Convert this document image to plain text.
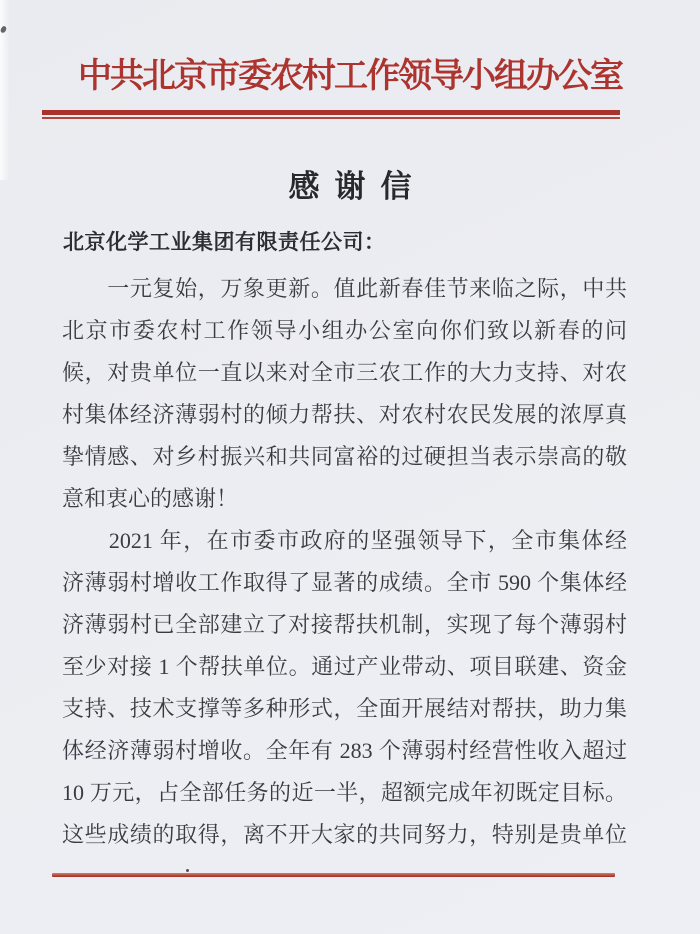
中共北京市委农村工作领导小组办公室
感谢信
北京化学工业集团有限责任公司：
　　一元复始，万象更新。值此新春佳节来临之际，中共
北京市委农村工作领导小组办公室向你们致以新春的问
候，对贵单位一直以来对全市三农工作的大力支持、对农
村集体经济薄弱村的倾力帮扶、对农村农民发展的浓厚真
挚情感、对乡村振兴和共同富裕的过硬担当表示崇高的敬
意和衷心的感谢！
　　2021 年，在市委市政府的坚强领导下，全市集体经
济薄弱村增收工作取得了显著的成绩。全市 590 个集体经
济薄弱村已全部建立了对接帮扶机制，实现了每个薄弱村
至少对接 1 个帮扶单位。通过产业带动、项目联建、资金
支持、技术支撑等多种形式，全面开展结对帮扶，助力集
体经济薄弱村增收。全年有 283 个薄弱村经营性收入超过
10 万元，占全部任务的近一半，超额完成年初既定目标。
这些成绩的取得，离不开大家的共同努力，特别是贵单位
